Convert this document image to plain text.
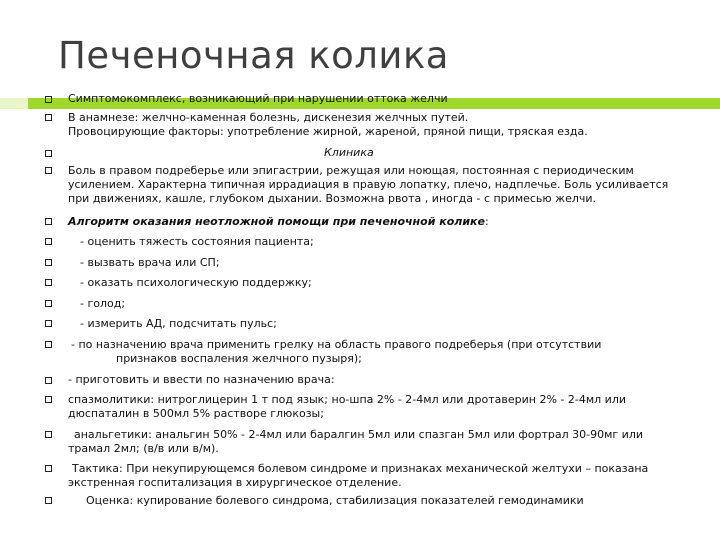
Печеночная колика
Симптомокомплекс, возникающий при нарушении оттока желчи
В анамнезе: желчно-каменная болезнь, дискенезия желчных путей.
Провоцирующие факторы: употребление жирной, жареной, пряной пищи, тряская езда.
Клиника
Боль в правом подреберье или эпигастрии, режущая или ноющая, постоянная с периодическим
усилением. Характерна типичная иррадиация в правую лопатку, плечо, надплечье. Боль усиливается
при движениях, кашле, глубоком дыхании. Возможна рвота , иногда - с примесью желчи.
Алгоритм оказания неотложной помощи при печеночной колике:
- оценить тяжесть состояния пациента;
- вызвать врача или СП;
- оказать психологическую поддержку;
- голод;
- измерить АД, подсчитать пульс;
- по назначению врача применить грелку на область правого подреберья (при отсутствии
признаков воспаления желчного пузыря);
- приготовить и ввести по назначению врача:
спазмолитики: нитроглицерин 1 т под язык; но-шпа 2% - 2-4мл или дротаверин 2% - 2-4мл или
дюспаталин в 500мл 5% растворе глюкозы;
анальгетики: анальгин 50% - 2-4мл или баралгин 5мл или спазган 5мл или фортрал 30-90мг или
трамал 2мл; (в/в или в/м).
Тактика: При некупирующемся болевом синдроме и признаках механической желтухи – показана
экстренная госпитализация в хирургическое отделение.
Оценка: купирование болевого синдрома, стабилизация показателей гемодинамики
